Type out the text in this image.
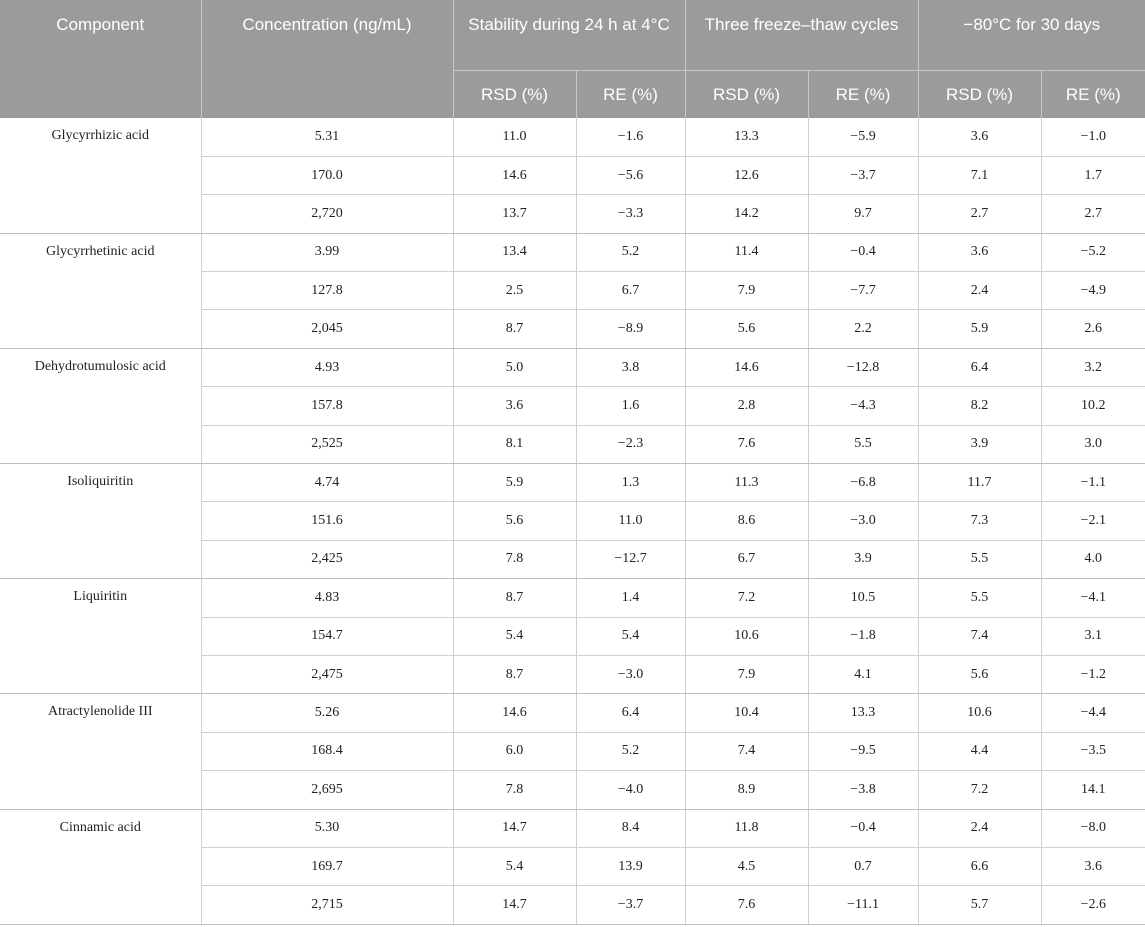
Component	Concentration (ng/mL)	Stability during 24 h at 4°C		Three freeze–thaw cycles		−80°C for 30 days	
		RSD (%)	RE (%)	RSD (%)	RE (%)	RSD (%)	RE (%)
Glycyrrhizic acid	5.31	11.0	−1.6	13.3	−5.9	3.6	−1.0
	170.0	14.6	−5.6	12.6	−3.7	7.1	1.7
	2,720	13.7	−3.3	14.2	9.7	2.7	2.7
Glycyrrhetinic acid	3.99	13.4	5.2	11.4	−0.4	3.6	−5.2
	127.8	2.5	6.7	7.9	−7.7	2.4	−4.9
	2,045	8.7	−8.9	5.6	2.2	5.9	2.6
Dehydrotumulosic acid	4.93	5.0	3.8	14.6	−12.8	6.4	3.2
	157.8	3.6	1.6	2.8	−4.3	8.2	10.2
	2,525	8.1	−2.3	7.6	5.5	3.9	3.0
Isoliquiritin	4.74	5.9	1.3	11.3	−6.8	11.7	−1.1
	151.6	5.6	11.0	8.6	−3.0	7.3	−2.1
	2,425	7.8	−12.7	6.7	3.9	5.5	4.0
Liquiritin	4.83	8.7	1.4	7.2	10.5	5.5	−4.1
	154.7	5.4	5.4	10.6	−1.8	7.4	3.1
	2,475	8.7	−3.0	7.9	4.1	5.6	−1.2
Atractylenolide III	5.26	14.6	6.4	10.4	13.3	10.6	−4.4
	168.4	6.0	5.2	7.4	−9.5	4.4	−3.5
	2,695	7.8	−4.0	8.9	−3.8	7.2	14.1
Cinnamic acid	5.30	14.7	8.4	11.8	−0.4	2.4	−8.0
	169.7	5.4	13.9	4.5	0.7	6.6	3.6
	2,715	14.7	−3.7	7.6	−11.1	5.7	−2.6
